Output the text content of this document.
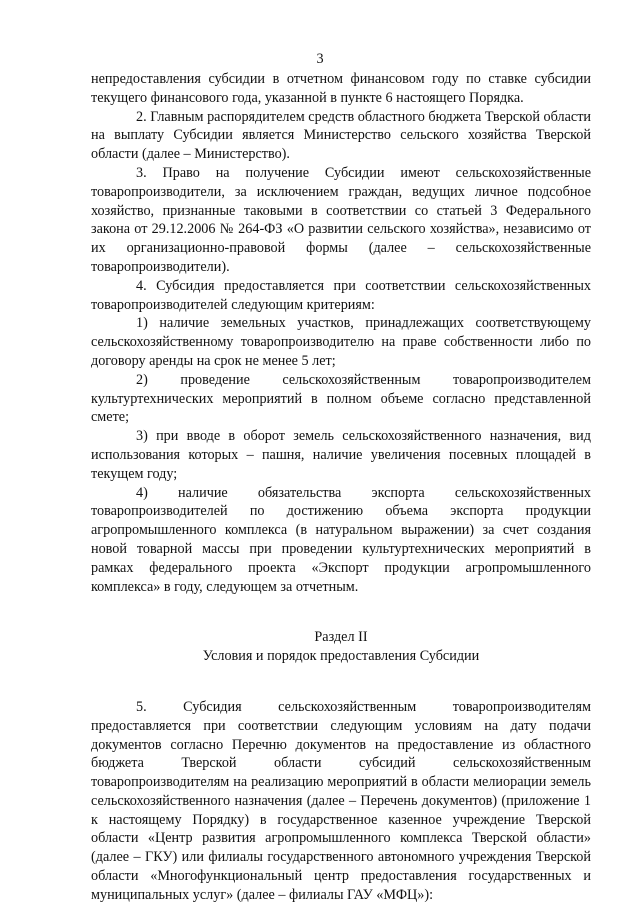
3

непредоставления субсидии в отчетном финансовом году по ставке субсидии текущего финансового года, указанной в пункте 6 настоящего Порядка.

2. Главным распорядителем средств областного бюджета Тверской области на выплату Субсидии является Министерство сельского хозяйства Тверской области (далее – Министерство).

3. Право на получение Субсидии имеют сельскохозяйственные товаропроизводители, за исключением граждан, ведущих личное подсобное хозяйство, признанные таковыми в соответствии со статьей 3 Федерального закона от 29.12.2006 № 264-ФЗ «О развитии сельского хозяйства», независимо от их организационно-правовой формы (далее – сельскохозяйственные товаропроизводители).

4. Субсидия предоставляется при соответствии сельскохозяйственных товаропроизводителей следующим критериям:

1) наличие земельных участков, принадлежащих соответствующему сельскохозяйственному товаропроизводителю на праве собственности либо по договору аренды на срок не менее 5 лет;

2) проведение сельскохозяйственным товаропроизводителем культуртехнических мероприятий в полном объеме согласно представленной смете;

3) при вводе в оборот земель сельскохозяйственного назначения, вид использования которых – пашня, наличие увеличения посевных площадей в текущем году;

4) наличие обязательства экспорта сельскохозяйственных товаропроизводителей по достижению объема экспорта продукции агропромышленного комплекса (в натуральном выражении) за счет создания новой товарной массы при проведении культуртехнических мероприятий в рамках федерального проекта «Экспорт продукции агропромышленного комплекса» в году, следующем за отчетным.

Раздел II

Условия и порядок предоставления Субсидии

5. Субсидия сельскохозяйственным товаропроизводителям предоставляется при соответствии следующим условиям на дату подачи документов согласно Перечню документов на предоставление из областного бюджета Тверской области субсидий сельскохозяйственным товаропроизводителям на реализацию мероприятий в области мелиорации земель сельскохозяйственного назначения (далее – Перечень документов) (приложение 1 к настоящему Порядку) в государственное казенное учреждение Тверской области «Центр развития агропромышленного комплекса Тверской области» (далее – ГКУ) или филиалы государственного автономного учреждения Тверской области «Многофункциональный центр предоставления государственных и муниципальных услуг» (далее – филиалы ГАУ «МФЦ»):
